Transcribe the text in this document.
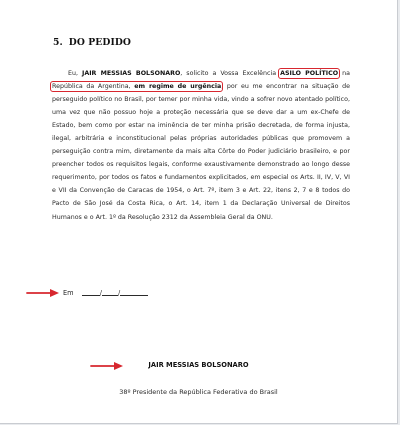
5. DO PEDIDO

Eu, JAIR MESSIAS BOLSONARO, solicito a Vossa Excelência ASILO POLÍTICO na República da Argentina, em regime de urgência, por eu me encontrar na situação de perseguido político no Brasil, por temer por minha vida, vindo a sofrer novo atentado político, uma vez que não possuo hoje a proteção necessária que se deve dar a um ex-Chefe de Estado, bem como por estar na iminência de ter minha prisão decretada, de forma injusta, ilegal, arbitrária e inconstitucional pelas próprias autoridades públicas que promovem a perseguição contra mim, diretamente da mais alta Côrte do Poder judiciário brasileiro, e por preencher todos os requisitos legais, conforme exaustivamente demonstrado ao longo desse requerimento, por todos os fatos e fundamentos explicitados, em especial os Arts. II, IV, V, VI e VII da Convenção de Caracas de 1954, o Art. 7º, item 3 e Art. 22, itens 2, 7 e 8 todos do Pacto de São José da Costa Rica, o Art. 14, item 1 da Declaração Universal de Direitos Humanos e o Art. 1º da Resolução 2312 da Assembleia Geral da ONU.

Em	/ /
JAIR MESSIAS BOLSONARO
38º Presidente da República Federativa do Brasil
